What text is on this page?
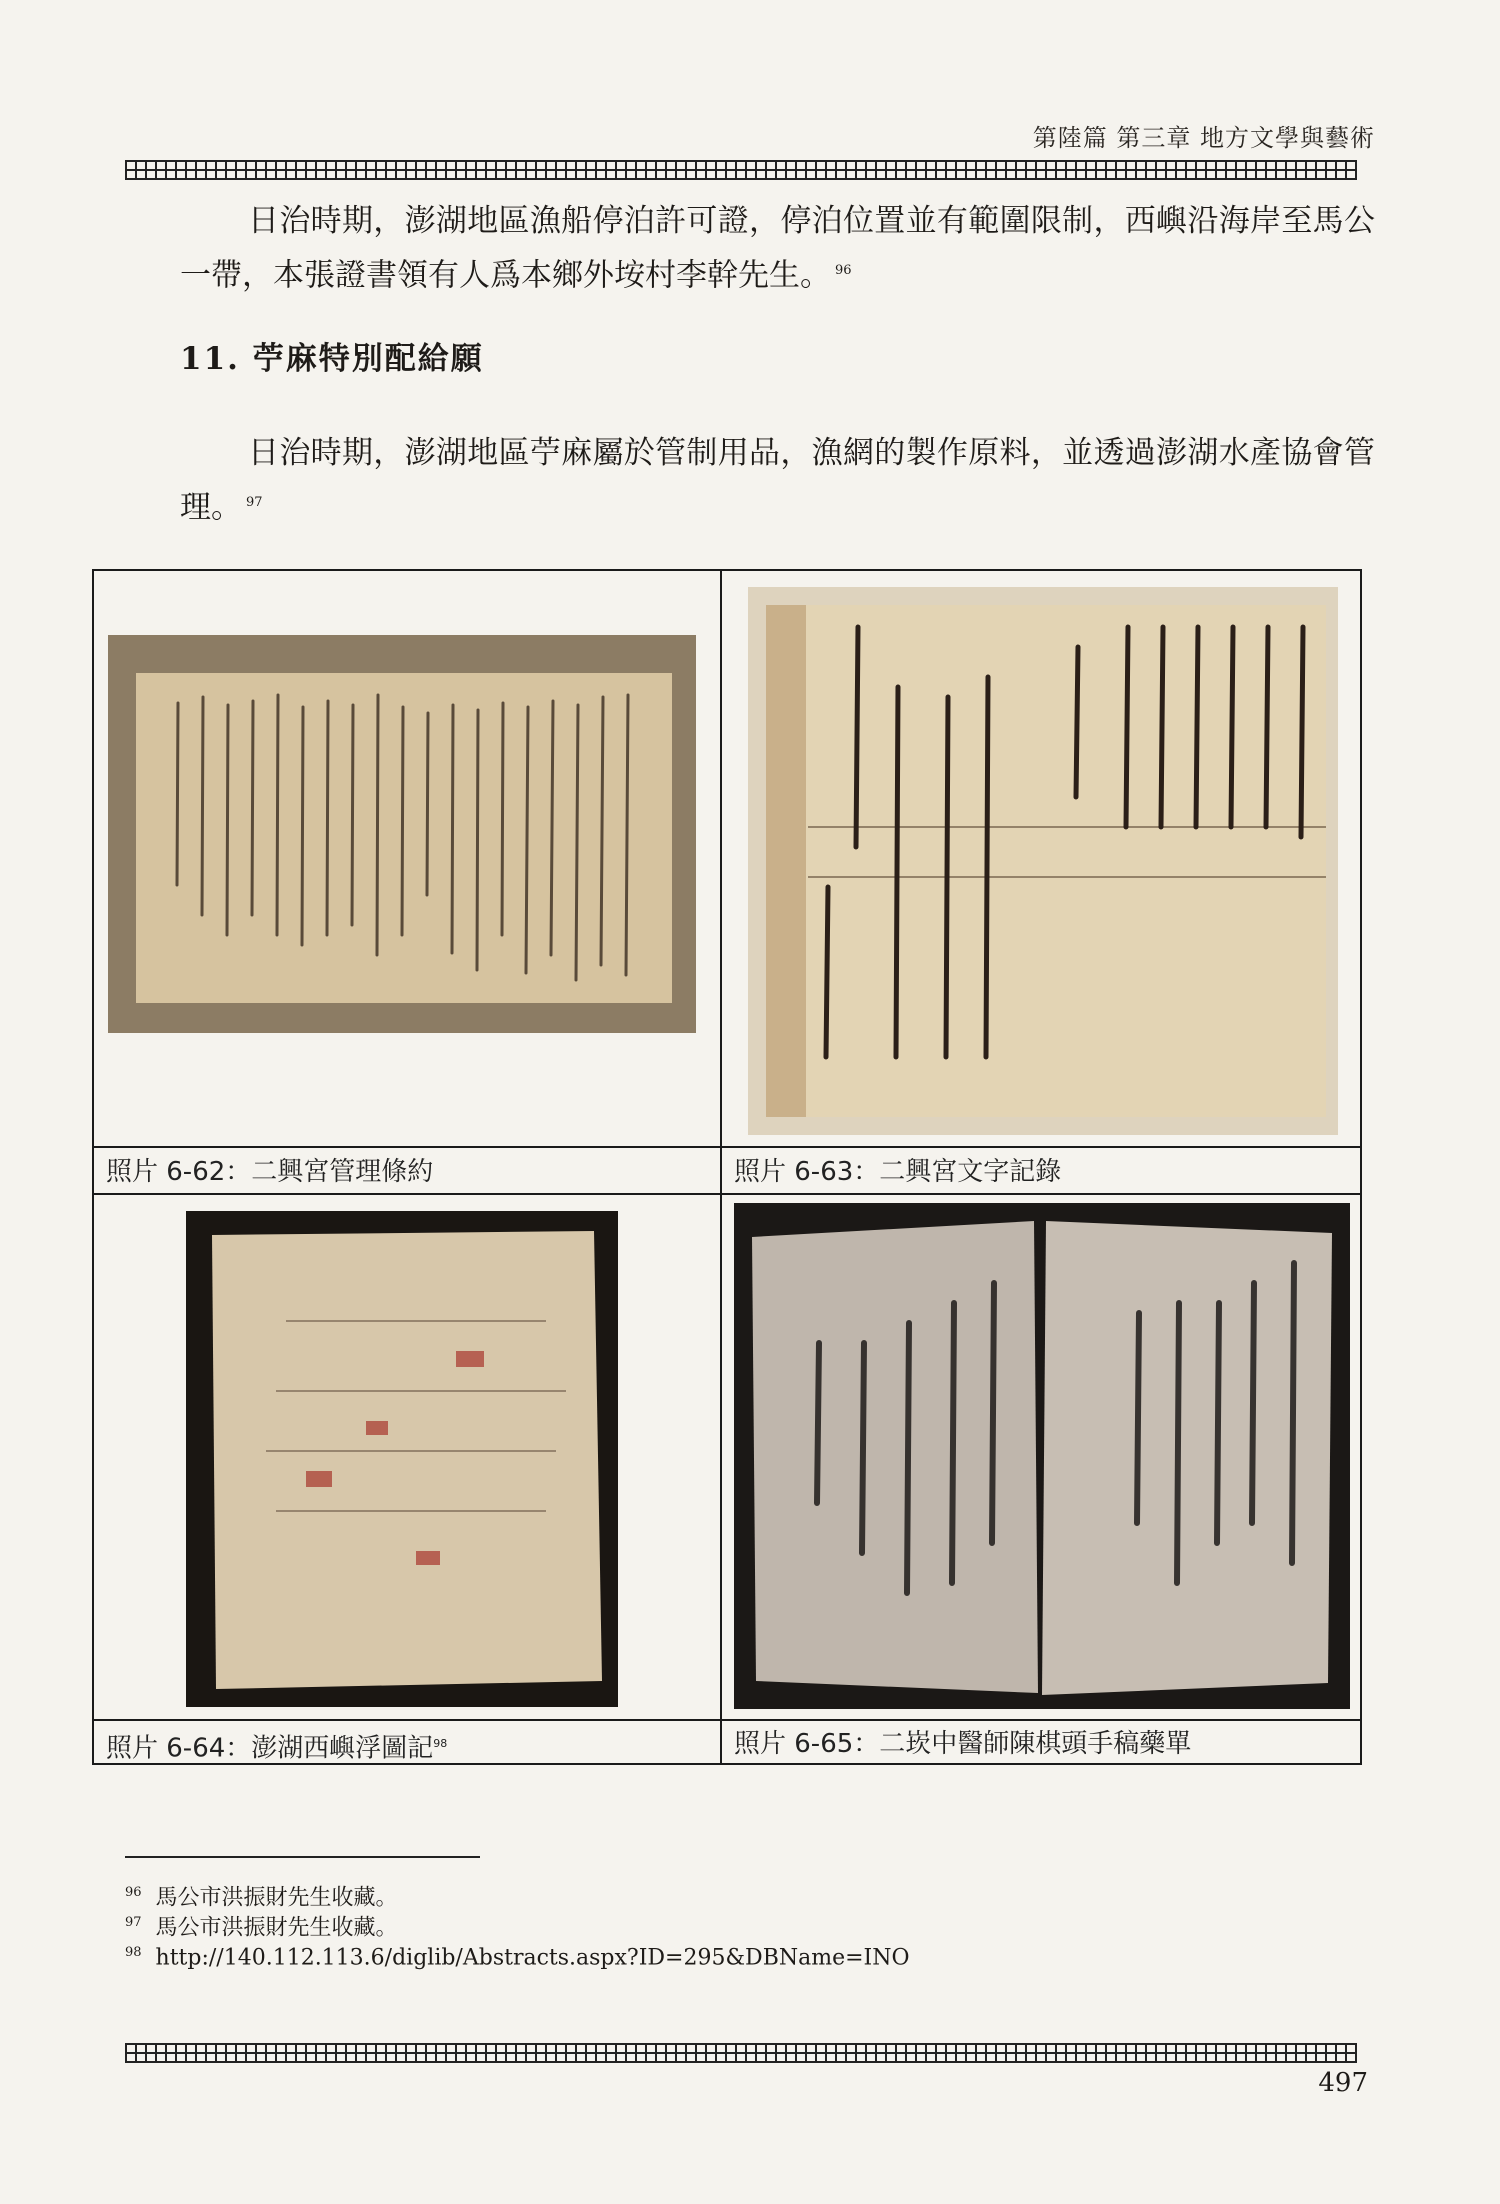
第陸篇 第三章 地方文學與藝術

日治時期，澎湖地區漁船停泊許可證，停泊位置並有範圍限制，西嶼沿海岸至馬公一帶，本張證書領有人爲本鄉外垵村李幹先生。 $^{96}$

11. 苧麻特別配給願

日治時期，澎湖地區苧麻屬於管制用品，漁網的製作原料，並透過澎湖水產協會管理。 $^{97}$

照片 6-62：二興宮管理條約	照片 6-63：二興宮文字記錄
照片 6-64：澎湖西嶼浮圖記$^{98}$	照片 6-65：二崁中醫師陳棋頭手稿藥單
$^{96}$ 馬公市洪振財先生收藏。
$^{97}$ 馬公市洪振財先生收藏。
$^{98}$ http://140.112.113.6/diglib/Abstracts.aspx?ID=295&DBName=INO
497
